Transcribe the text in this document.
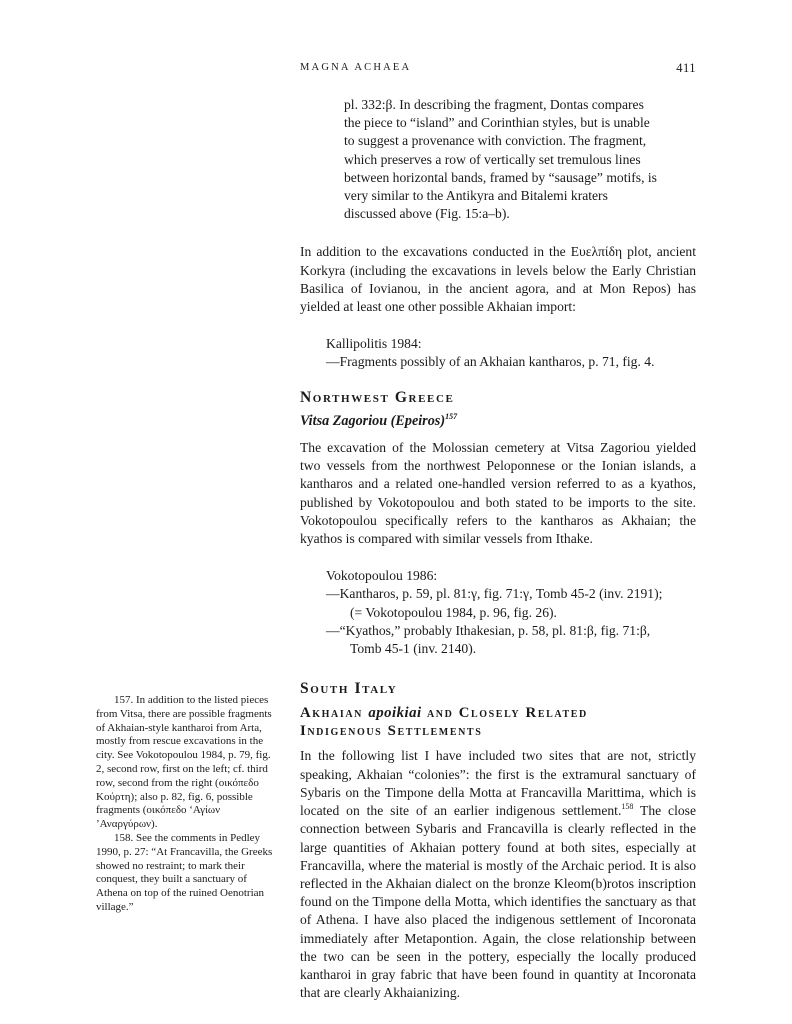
MAGNA ACHAEA	411

pl. 332:β. In describing the fragment, Dontas compares the piece to “island” and Corinthian styles, but is unable to suggest a provenance with conviction. The fragment, which preserves a row of vertically set tremulous lines between horizontal bands, framed by “sausage” motifs, is very similar to the Antikyra and Bitalemi kraters discussed above (Fig. 15:a–b).

In addition to the excavations conducted in the Ευελπίδη plot, ancient Korkyra (including the excavations in levels below the Early Christian Basilica of Iovianou, in the ancient agora, and at Mon Repos) has yielded at least one other possible Akhaian import:

Kallipolitis 1984:
—Fragments possibly of an Akhaian kantharos, p. 71, fig. 4.
Northwest Greece
Vitsa Zagoriou (Epeiros)$^{157}$

The excavation of the Molossian cemetery at Vitsa Zagoriou yielded two vessels from the northwest Peloponnese or the Ionian islands, a kantharos and a related one-handled version referred to as a kyathos, published by Vokotopoulou and both stated to be imports to the site. Vokotopoulou specifically refers to the kantharos as Akhaian; the kyathos is compared with similar vessels from Ithake.

Vokotopoulou 1986:
—Kantharos, p. 59, pl. 81:γ, fig. 71:γ, Tomb 45-2 (inv. 2191);
(= Vokotopoulou 1984, p. 96, fig. 26).
—“Kyathos,” probably Ithakesian, p. 58, pl. 81:β, fig. 71:β,
Tomb 45-1 (inv. 2140).
South Italy
Akhaian apoikiai and Closely Related
Indigenous Settlements

In the following list I have included two sites that are not, strictly speaking, Akhaian “colonies”: the first is the extramural sanctuary of Sybaris on the Timpone della Motta at Francavilla Marittima, which is located on the site of an earlier indigenous settlement.$^{158}$ The close connection between Sybaris and Francavilla is clearly reflected in the large quantities of Akhaian pottery found at both sites, especially at Francavilla, where the material is mostly of the Archaic period. It is also reflected in the Akhaian dialect on the bronze Kleom(b)rotos inscription found on the Timpone della Motta, which identifies the sanctuary as that of Athena. I have also placed the indigenous settlement of Incoronata immediately after Metapontion. Again, the close relationship between the two can be seen in the pottery, especially the locally produced kantharoi in gray fabric that have been found in quantity at Incoronata that are clearly Akhaianizing.

157. In addition to the listed pieces from Vitsa, there are possible fragments of Akhaian-style kantharoi from Arta, mostly from rescue excavations in the city. See Vokotopoulou 1984, p. 79, fig. 2, second row, first on the left; cf. third row, second from the right (οικόπεδο Κούρτη); also p. 82, fig. 6, possible fragments (οικόπεδο ‘Αγίων ’Αναργύρων).

158. See the comments in Pedley 1990, p. 27: “At Francavilla, the Greeks showed no restraint; to mark their conquest, they built a sanctuary of Athena on top of the ruined Oenotrian village.”
